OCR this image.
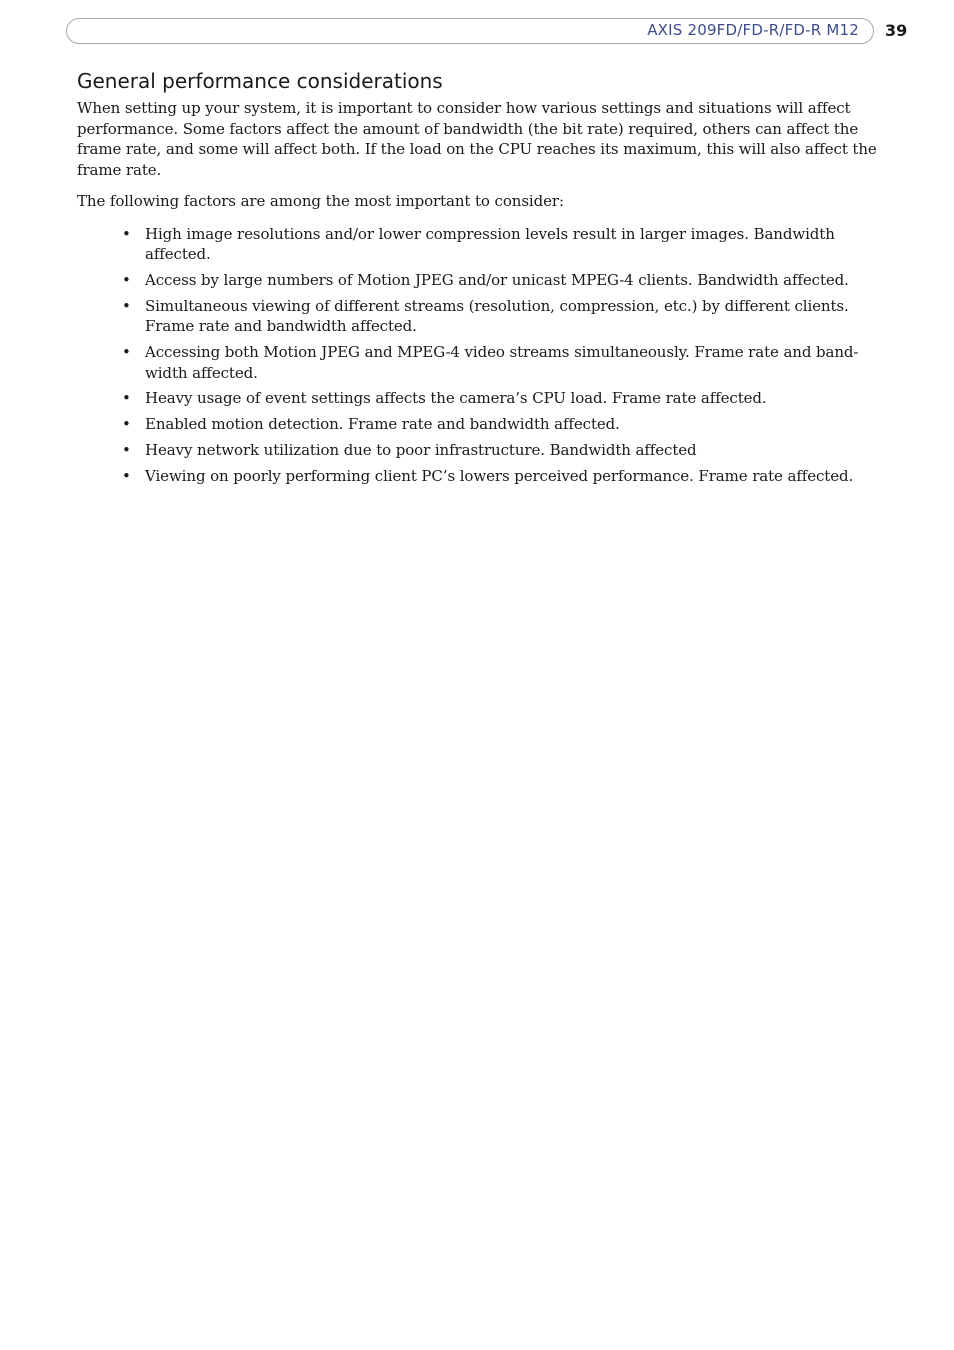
AXIS 209FD/FD-R/FD-R M12 39
General performance considerations

When setting up your system, it is important to consider how various settings and situations will affect performance. Some factors affect the amount of bandwidth (the bit rate) required, others can affect the frame rate, and some will affect both. If the load on the CPU reaches its maximum, this will also affect the frame rate.

The following factors are among the most important to consider:

• High image resolutions and/or lower compression levels result in larger images. Bandwidth affected.
• Access by large numbers of Motion JPEG and/or unicast MPEG-4 clients. Bandwidth affected.
• Simultaneous viewing of different streams (resolution, compression, etc.) by different clients. Frame rate and bandwidth affected.
• Accessing both Motion JPEG and MPEG-4 video streams simultaneously. Frame rate and band-width affected.
• Heavy usage of event settings affects the camera’s CPU load. Frame rate affected.
• Enabled motion detection. Frame rate and bandwidth affected.
• Heavy network utilization due to poor infrastructure. Bandwidth affected
• Viewing on poorly performing client PC’s lowers perceived performance. Frame rate affected.
